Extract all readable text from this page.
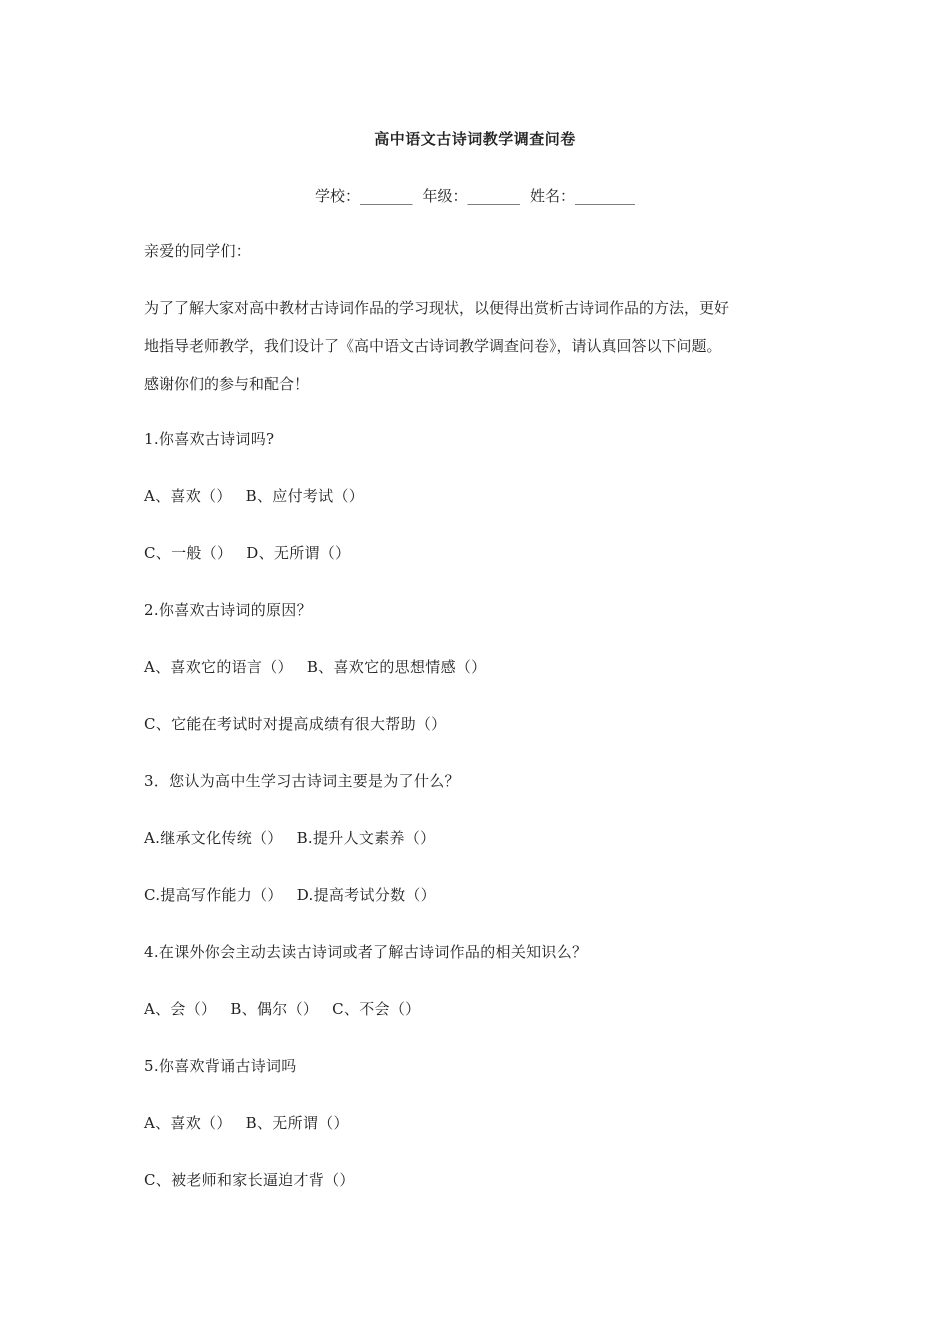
高中语文古诗词教学调查问卷
学校：_______ 年级：_______ 姓名：________
亲爱的同学们：
为了了解大家对高中教材古诗词作品的学习现状，以便得出赏析古诗词作品的方法，更好
地指导老师教学，我们设计了《高中语文古诗词教学调查问卷》，请认真回答以下问题。
感谢你们的参与和配合！
1.你喜欢古诗词吗?
A、喜欢（） B、应付考试（）
C、一般（） D、无所谓（）
2.你喜欢古诗词的原因？
A、喜欢它的语言（） B、喜欢它的思想情感（）
C、它能在考试时对提高成绩有很大帮助（）
3．您认为高中生学习古诗词主要是为了什么？
A.继承文化传统（） B.提升人文素养（）
C.提高写作能力（） D.提高考试分数（）
4.在课外你会主动去读古诗词或者了解古诗词作品的相关知识么？
A、会（） B、偶尔（） C、不会（）
5.你喜欢背诵古诗词吗
A、喜欢（） B、无所谓（）
C、被老师和家长逼迫才背（）
